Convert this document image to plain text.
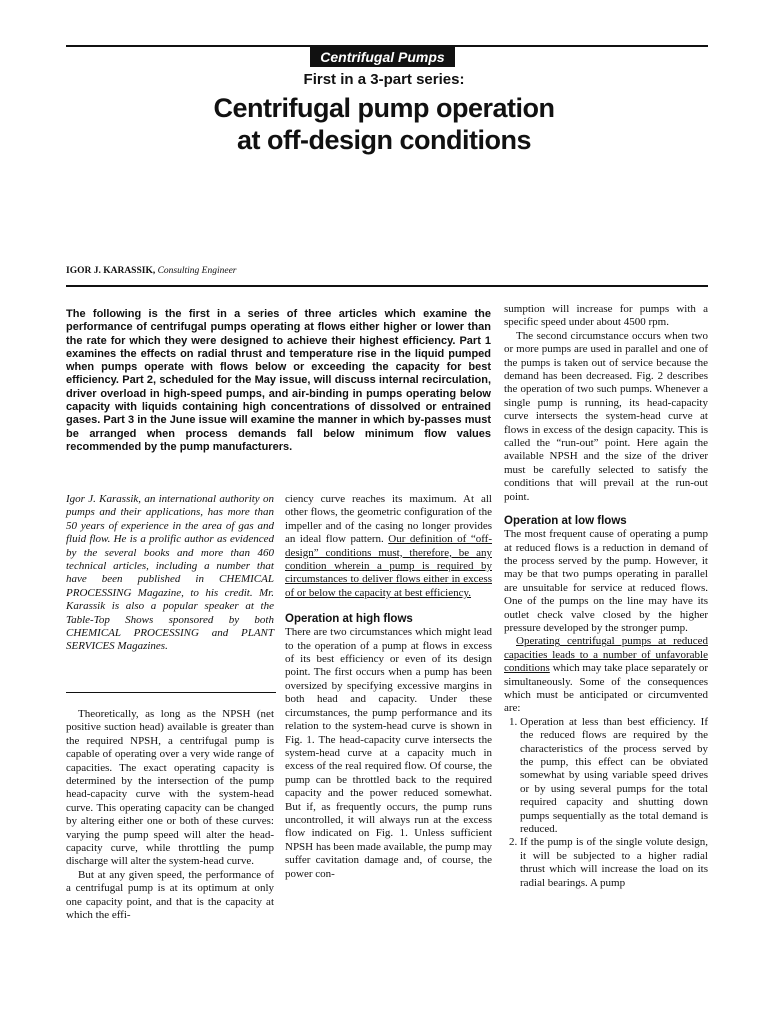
Centrifugal Pumps
First in a 3-part series:
Centrifugal pump operation
at off-design conditions
IGOR J. KARASSIK, Consulting Engineer
The following is the first in a series of three articles which examine the performance of centrifugal pumps operating at flows either higher or lower than the rate for which they were designed to achieve their highest efficiency. Part 1 examines the effects on radial thrust and temperature rise in the liquid pumped when pumps operate with flows below or exceeding the capacity for best efficiency. Part 2, scheduled for the May issue, will discuss internal recirculation, driver overload in high-speed pumps, and air-binding in pumps operating below capacity with liquids containing high concentrations of dissolved or entrained gases. Part 3 in the June issue will examine the manner in which by-passes must be arranged when process demands fall below minimum flow values recommended by the pump manufacturers.
Igor J. Karassik, an international authority on pumps and their applications, has more than 50 years of experience in the area of gas and fluid flow. He is a prolific author as evidenced by the several books and more than 460 technical articles, including a number that have been published in CHEMICAL PROCESSING Magazine, to his credit. Mr. Karassik is also a popular speaker at the Table-Top Shows sponsored by both CHEMICAL PROCESSING and PLANT SERVICES Magazines.

Theoretically, as long as the NPSH (net positive suction head) available is greater than the required NPSH, a centrifugal pump is capable of operating over a very wide range of capacities. The exact operating capacity is determined by the intersection of the pump head-capacity curve with the system-head curve. This operating capacity can be changed by altering either one or both of these curves: varying the pump speed will alter the head-capacity curve, while throttling the pump discharge will alter the system-head curve.

But at any given speed, the performance of a centrifugal pump is at its optimum at only one capacity point, and that is the capacity at which the effi-

ciency curve reaches its maximum. At all other flows, the geometric configuration of the impeller and of the casing no longer provides an ideal flow pattern. Our definition of “off-design” conditions must, therefore, be any condition wherein a pump is required by circumstances to deliver flows either in excess of or below the capacity at best efficiency.

Operation at high flows

There are two circumstances which might lead to the operation of a pump at flows in excess of its best efficiency or even of its design point. The first occurs when a pump has been oversized by specifying excessive margins in both head and capacity. Under these circumstances, the pump performance and its relation to the system-head curve is shown in Fig. 1. The head-capacity curve intersects the system-head curve at a capacity much in excess of the real required flow. Of course, the pump can be throttled back to the required capacity and the power reduced somewhat. But if, as frequently occurs, the pump runs uncontrolled, it will always run at the excess flow indicated on Fig. 1. Unless sufficient NPSH has been made available, the pump may suffer cavitation damage and, of course, the power con-

sumption will increase for pumps with a specific speed under about 4500 rpm.

The second circumstance occurs when two or more pumps are used in parallel and one of the pumps is taken out of service because the demand has been decreased. Fig. 2 describes the operation of two such pumps. Whenever a single pump is running, its head-capacity curve intersects the system-head curve at flows in excess of the design capacity. This is called the “run-out” point. Here again the available NPSH and the size of the driver must be carefully selected to satisfy the conditions that will prevail at the run-out point.

Operation at low flows

The most frequent cause of operating a pump at reduced flows is a reduction in demand of the process served by the pump. However, it may be that two pumps operating in parallel are unsuitable for service at reduced flows. One of the pumps on the line may have its outlet check valve closed by the higher pressure developed by the stronger pump.

Operating centrifugal pumps at reduced capacities leads to a number of unfavorable conditions which may take place separately or simultaneously. Some of the consequences which must be anticipated or circumvented are:

1. Operation at less than best efficiency. If the reduced flows are required by the characteristics of the process served by the pump, this effect can be obviated somewhat by using variable speed drives or by using several pumps for the total required capacity and shutting down pumps sequentially as the total demand is reduced.
2. If the pump is of the single volute design, it will be subjected to a higher radial thrust which will increase the load on its radial bearings. A pump
